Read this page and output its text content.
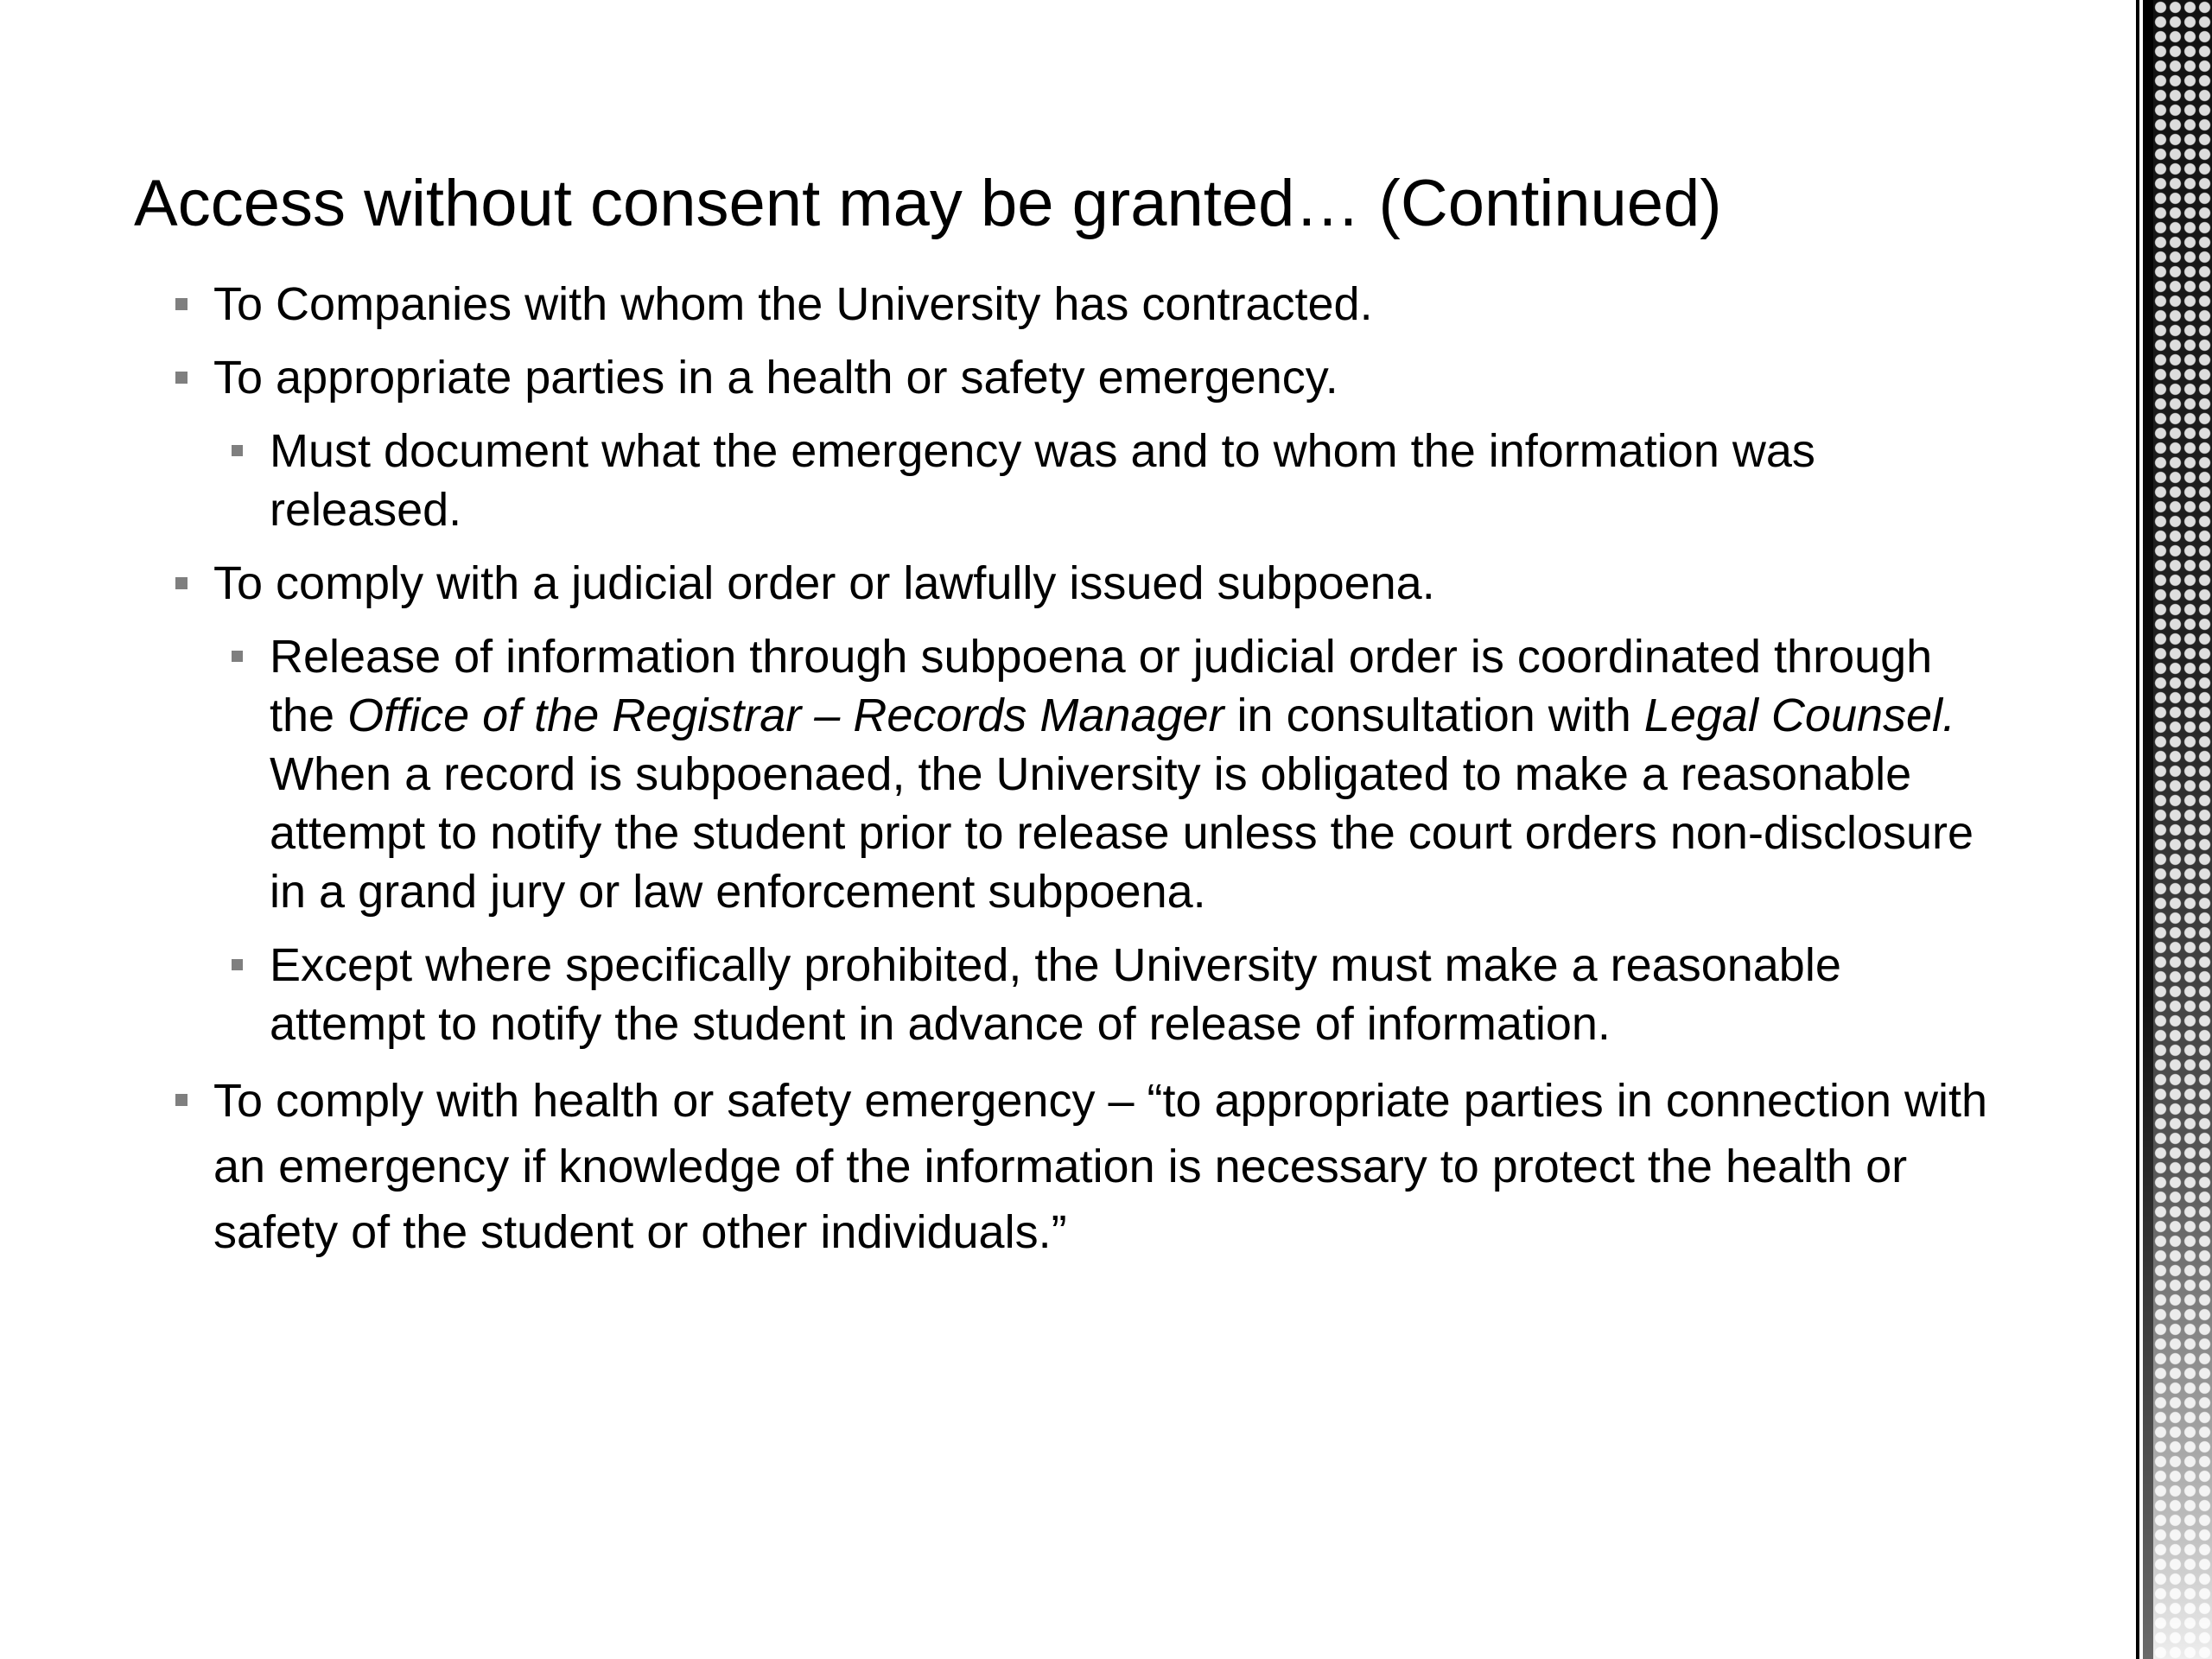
Access without consent may be granted… (Continued)
To Companies with whom the University has contracted.
To appropriate parties in a health or safety emergency.
Must document what the emergency was and to whom the information was released.
To comply with a judicial order or lawfully issued subpoena.
Release of information through subpoena or judicial order is coordinated through the Office of the Registrar – Records Manager in consultation with Legal Counsel. When a record is subpoenaed, the University is obligated to make a reasonable attempt to notify the student prior to release unless the court orders non-disclosure in a grand jury or law enforcement subpoena.
Except where specifically prohibited, the University must make a reasonable attempt to notify the student in advance of release of information.
To comply with health or safety emergency – “to appropriate parties in connection with an emergency if knowledge of the information is necessary to protect the health or safety of the student or other individuals.”
